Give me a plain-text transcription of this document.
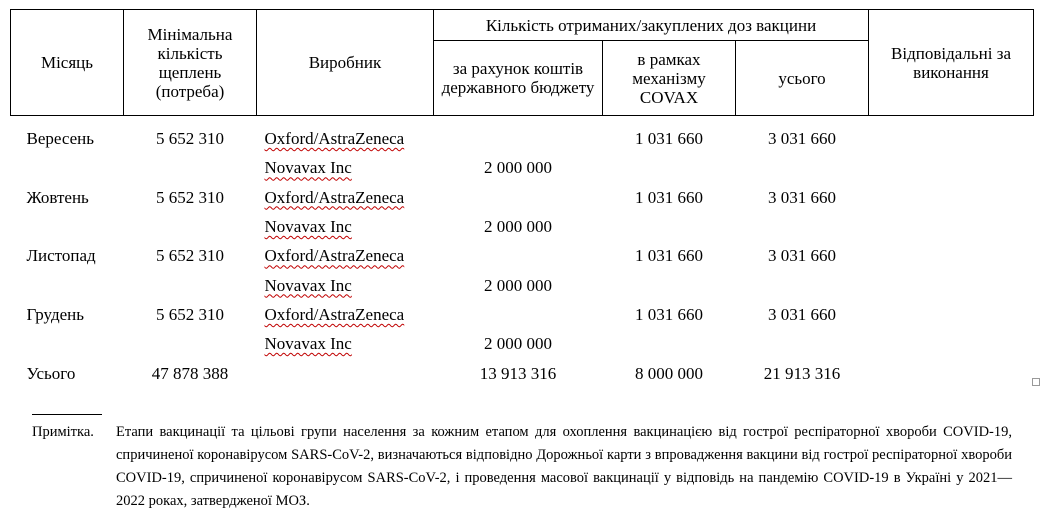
Місяць	Мінімальна кількість щеплень (потреба)	Виробник	Кількість отриманих/закуплених доз вакцини			Відповідальні за виконання
			за рахунок коштів державного бюджету	в рамках механізму COVAX	усього	

Вересень	5 652 310	Oxford/AstraZeneca		1 031 660	3 031 660	
		Novavax Inc	2 000 000			
Жовтень	5 652 310	Oxford/AstraZeneca		1 031 660	3 031 660	
		Novavax Inc	2 000 000			
Листопад	5 652 310	Oxford/AstraZeneca		1 031 660	3 031 660	
		Novavax Inc	2 000 000			
Грудень	5 652 310	Oxford/AstraZeneca		1 031 660	3 031 660	
		Novavax Inc	2 000 000			
Усього	47 878 388		13 913 316	8 000 000	21 913 316	
Примітка.	Етапи вакцинації та цільові групи населення за кожним етапом для охоплення вакцинацією від гострої респіраторної хвороби COVID-19, спричиненої коронавірусом SARS-CoV-2, визначаються відповідно Дорожньої карти з впровадження вакцини від гострої респіраторної хвороби COVID-19, спричиненої коронавірусом SARS-CoV-2, і проведення масової вакцинації у відповідь на пандемію COVID-19 в Україні у 2021—2022 роках, затвердженої МОЗ.
